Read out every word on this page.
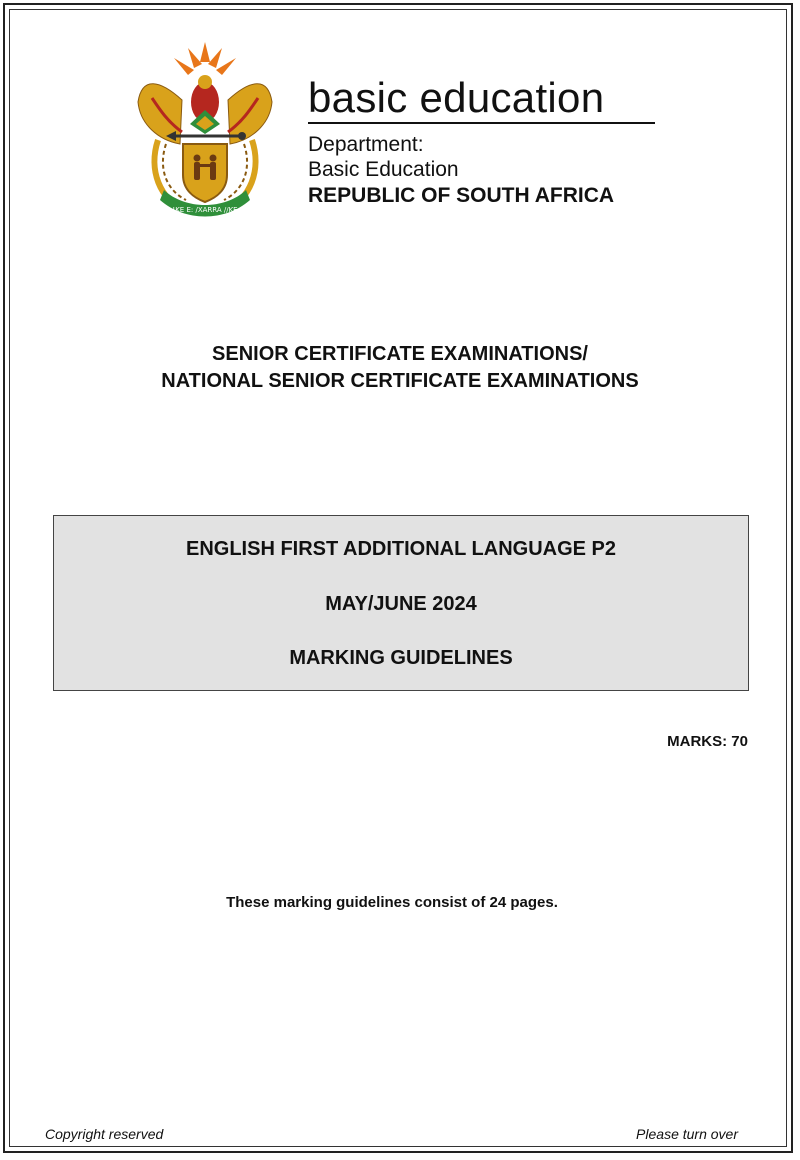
!KE E: /XARRA //KE
basic education
Department:
Basic Education
REPUBLIC OF SOUTH AFRICA
SENIOR CERTIFICATE EXAMINATIONS/
NATIONAL SENIOR CERTIFICATE EXAMINATIONS
ENGLISH FIRST ADDITIONAL LANGUAGE P2
MAY/JUNE 2024
MARKING GUIDELINES
MARKS: 70
These marking guidelines consist of 24 pages.
Copyright reserved	Please turn over
